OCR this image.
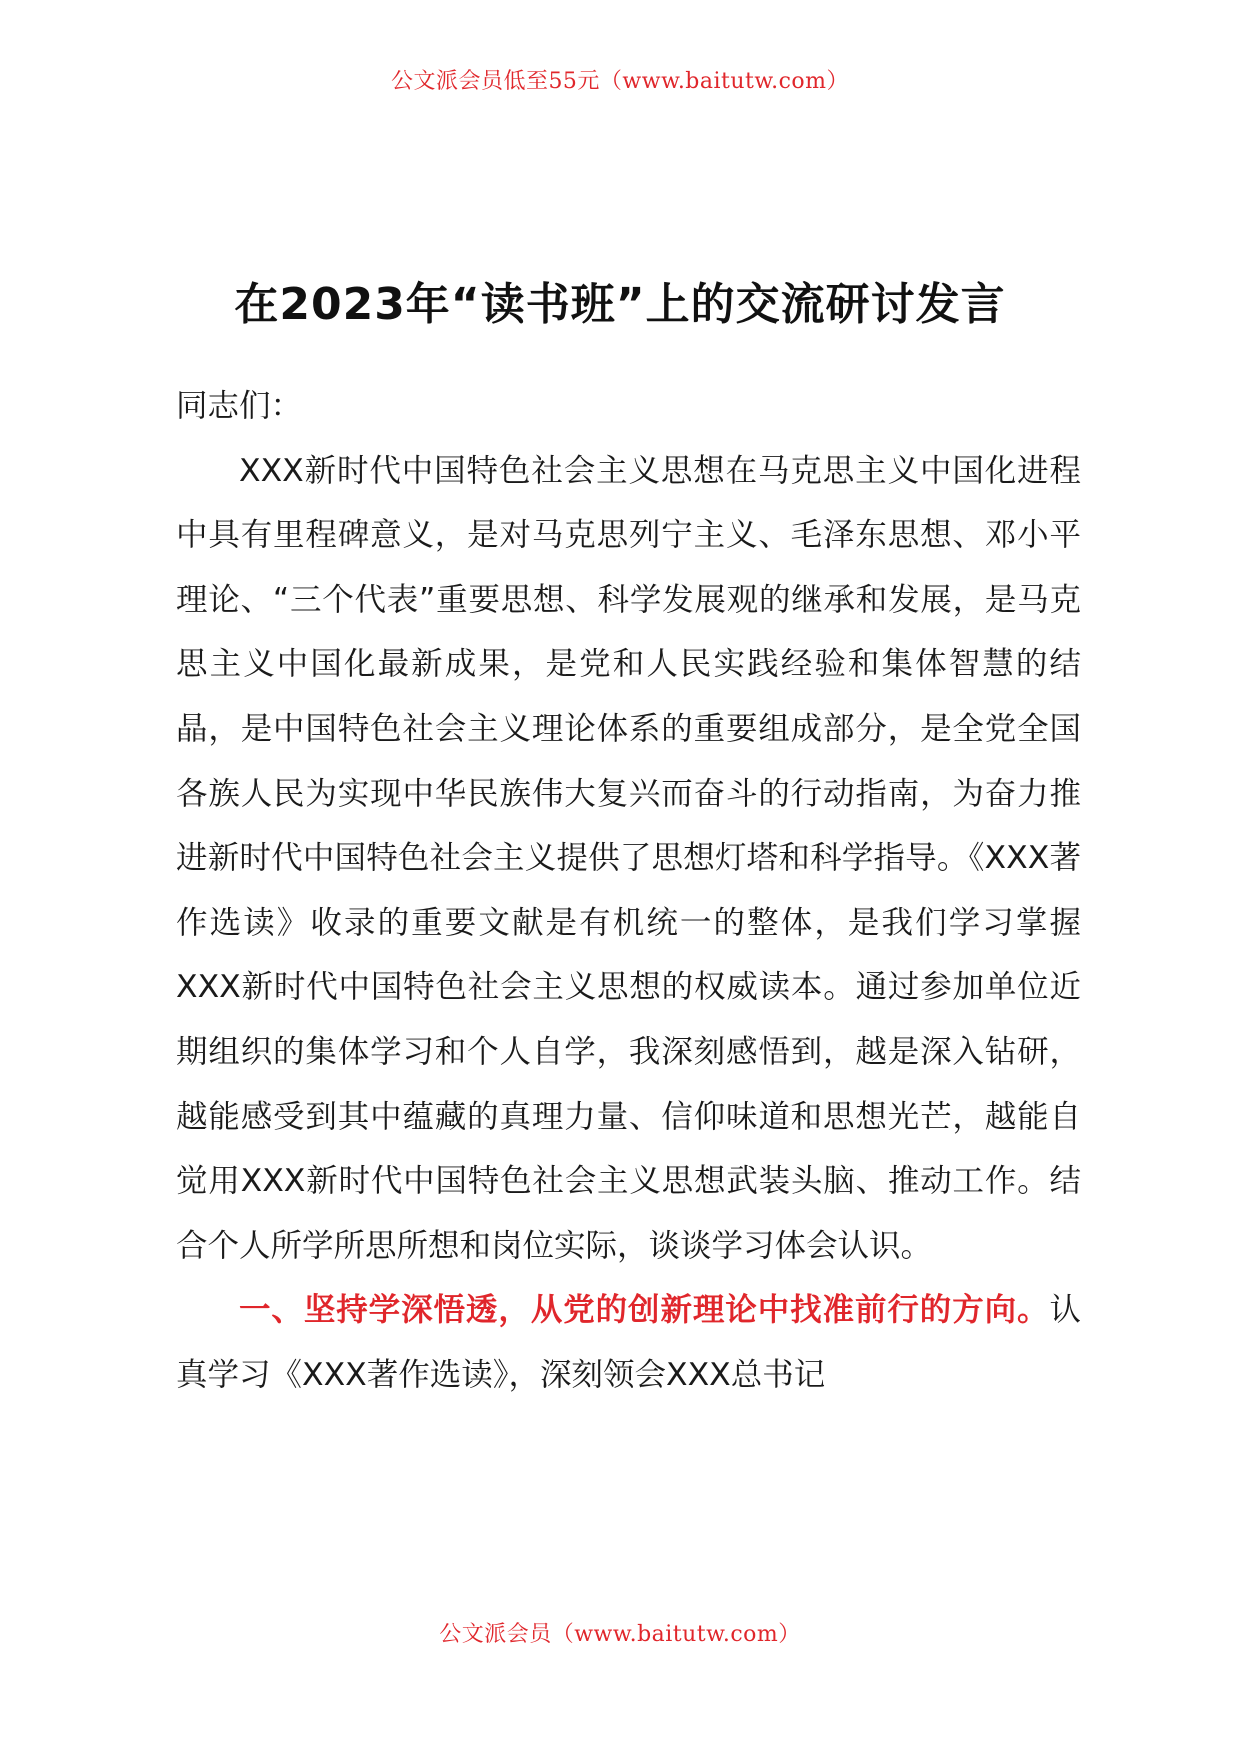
公文派会员低至55元（www.baitutw.com）
在2023年“读书班”上的交流研讨发言

同志们：

XXX新时代中国特色社会主义思想在马克思主义中国化进程中具有里程碑意义，是对马克思列宁主义、毛泽东思想、邓小平理论、“三个代表”重要思想、科学发展观的继承和发展，是马克思主义中国化最新成果，是党和人民实践经验和集体智慧的结晶，是中国特色社会主义理论体系的重要组成部分，是全党全国各族人民为实现中华民族伟大复兴而奋斗的行动指南，为奋力推进新时代中国特色社会主义提供了思想灯塔和科学指导。《XXX著作选读》收录的重要文献是有机统一的整体，是我们学习掌握XXX新时代中国特色社会主义思想的权威读本。通过参加单位近期组织的集体学习和个人自学，我深刻感悟到，越是深入钻研，越能感受到其中蕴藏的真理力量、信仰味道和思想光芒，越能自觉用XXX新时代中国特色社会主义思想武装头脑、推动工作。结合个人所学所思所想和岗位实际，谈谈学习体会认识。

一、坚持学深悟透，从党的创新理论中找准前行的方向。认真学习《XXX著作选读》，深刻领会XXX总书记

公文派会员（www.baitutw.com）
